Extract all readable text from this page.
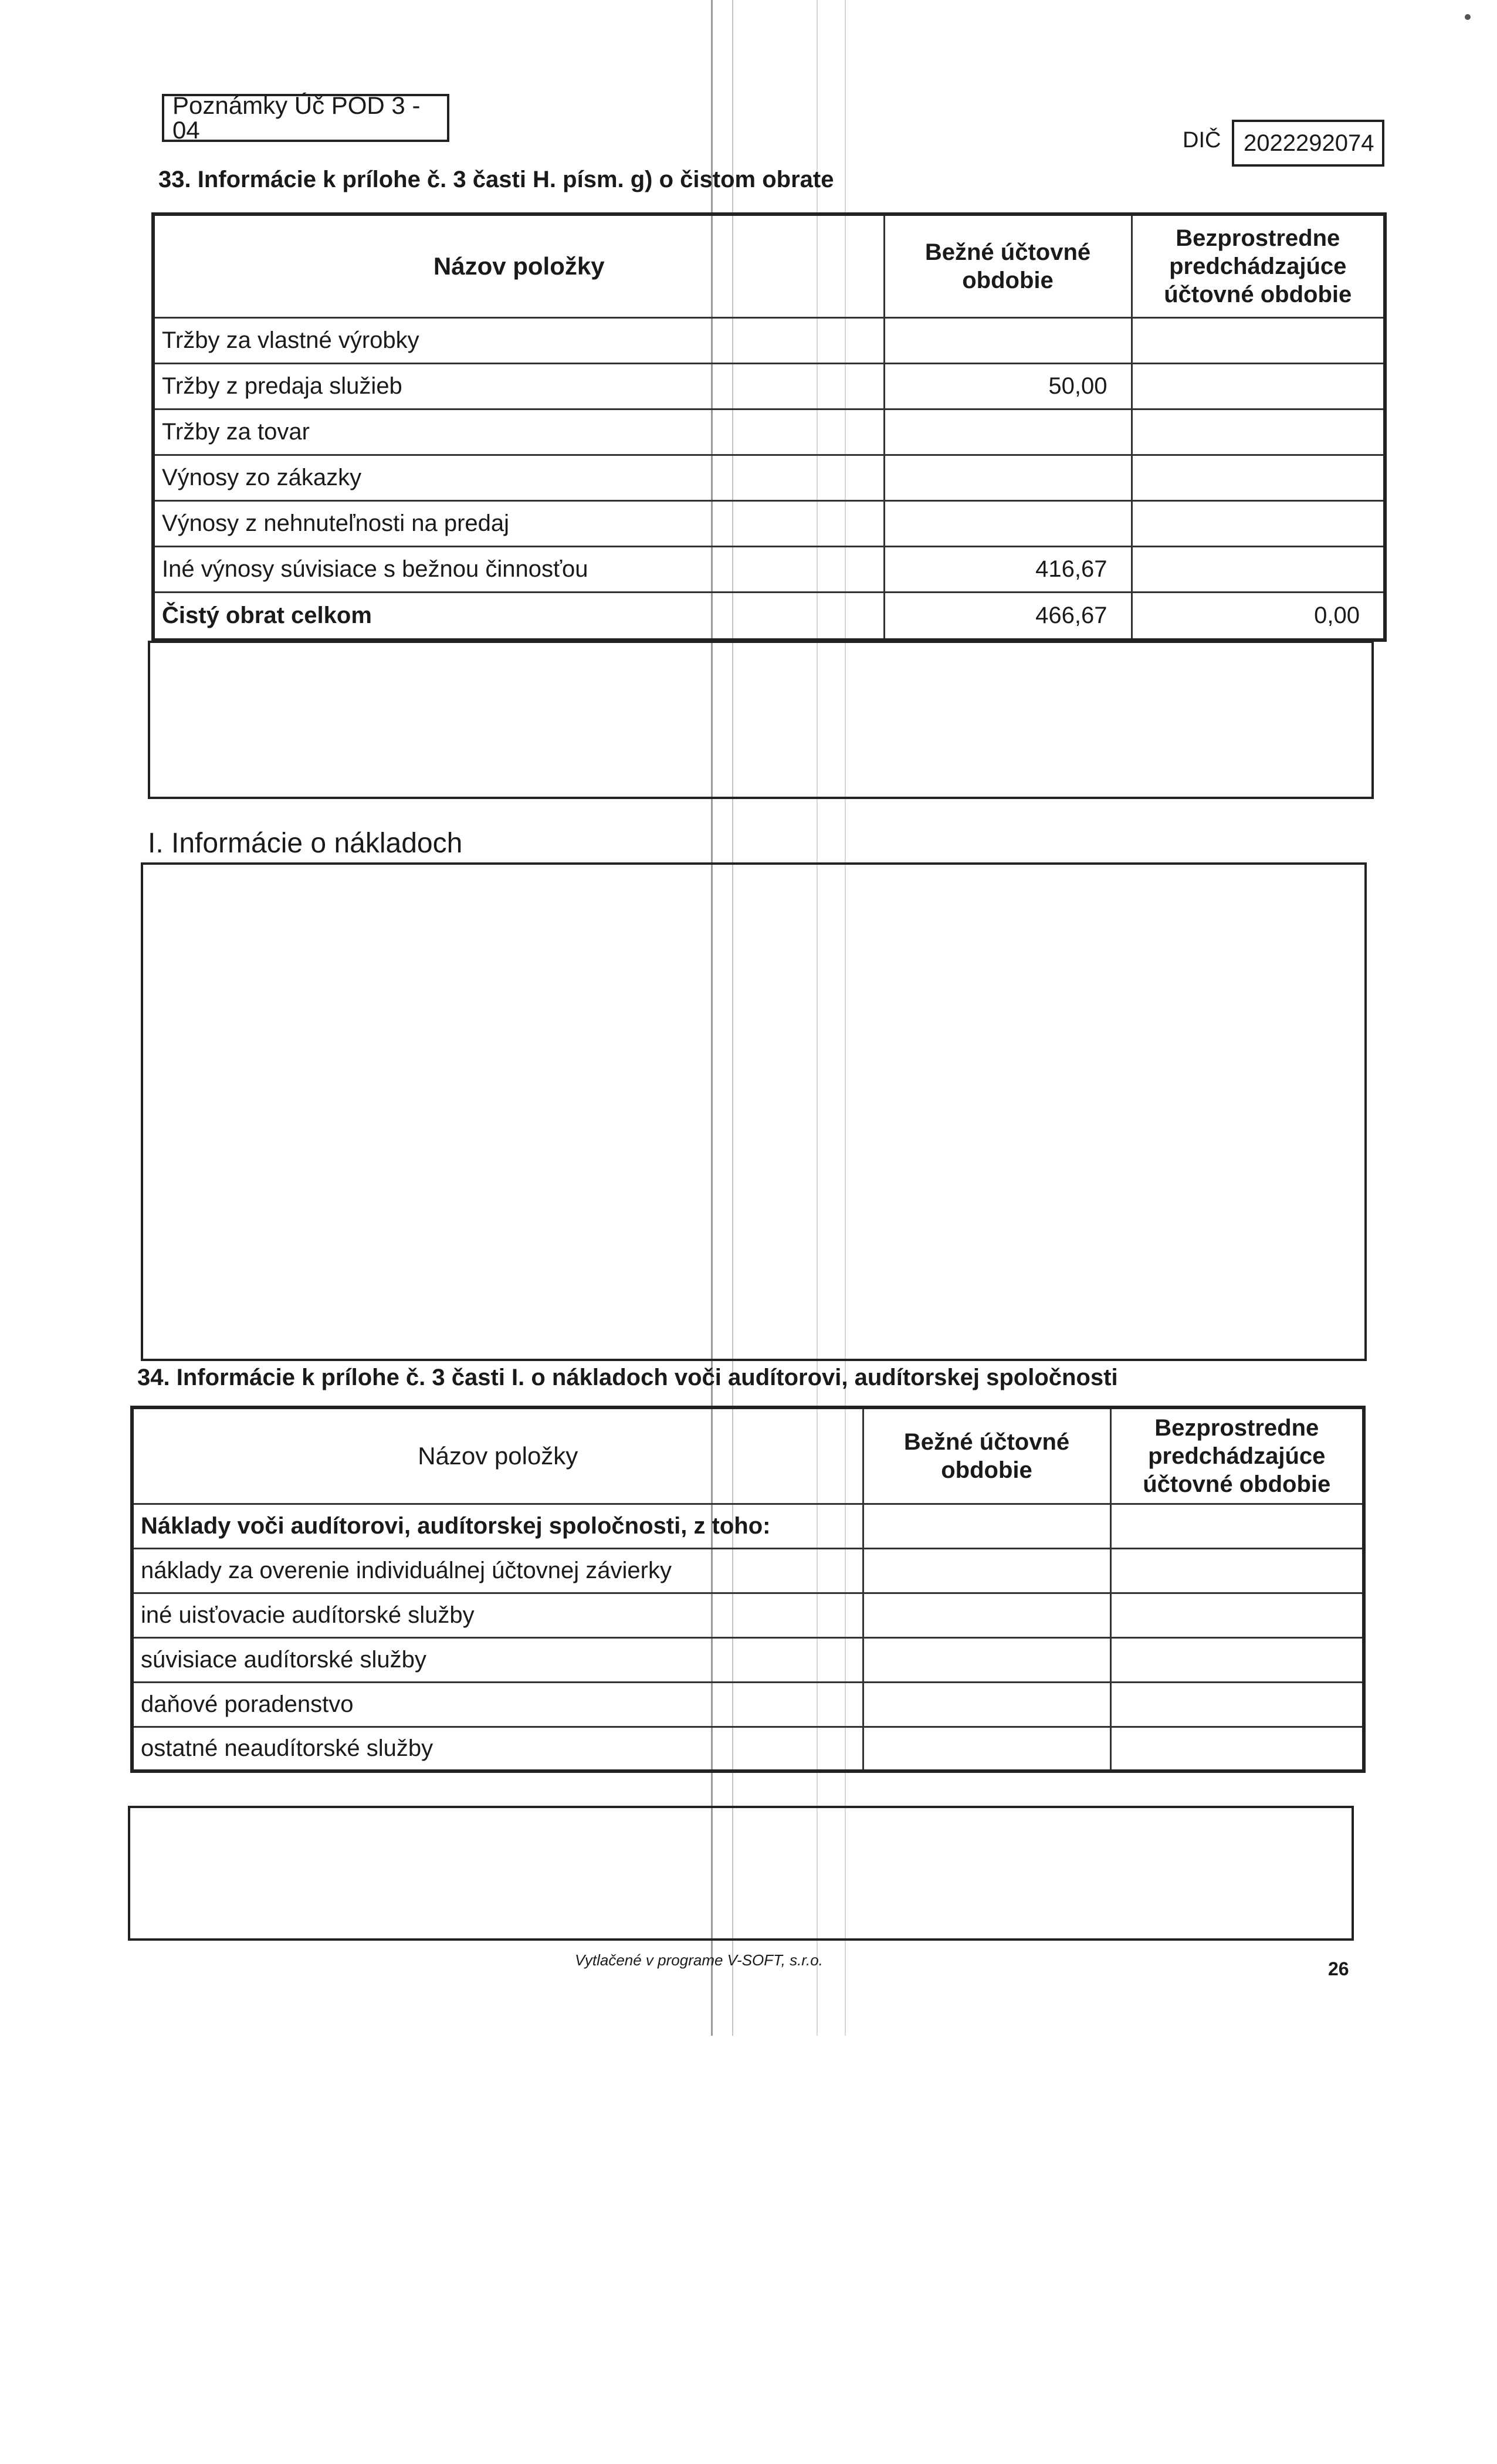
Poznámky Úč POD 3 - 04	DIČ 2022292074
33. Informácie k prílohe č. 3 časti H. písm. g) o čistom obrate
Názov položky	Bežné účtovné obdobie	Bezprostredne predchádzajúce účtovné obdobie
Tržby za vlastné výrobky		
Tržby z predaja služieb	50,00	
Tržby za tovar		
Výnosy zo zákazky		
Výnosy z nehnuteľnosti na predaj		
Iné výnosy súvisiace s bežnou činnosťou	416,67	
Čistý obrat celkom	466,67	0,00
I. Informácie o nákladoch
34. Informácie k prílohe č. 3 časti I. o nákladoch voči audítorovi, audítorskej spoločnosti
Názov položky	Bežné účtovné obdobie	Bezprostredne predchádzajúce účtovné obdobie
Náklady voči audítorovi, audítorskej spoločnosti, z toho:		
náklady za overenie individuálnej účtovnej závierky		
iné uisťovacie audítorské služby		
súvisiace audítorské služby		
daňové poradenstvo		
ostatné neaudítorské služby		
Vytlačené v programe V-SOFT, s.r.o.	26
